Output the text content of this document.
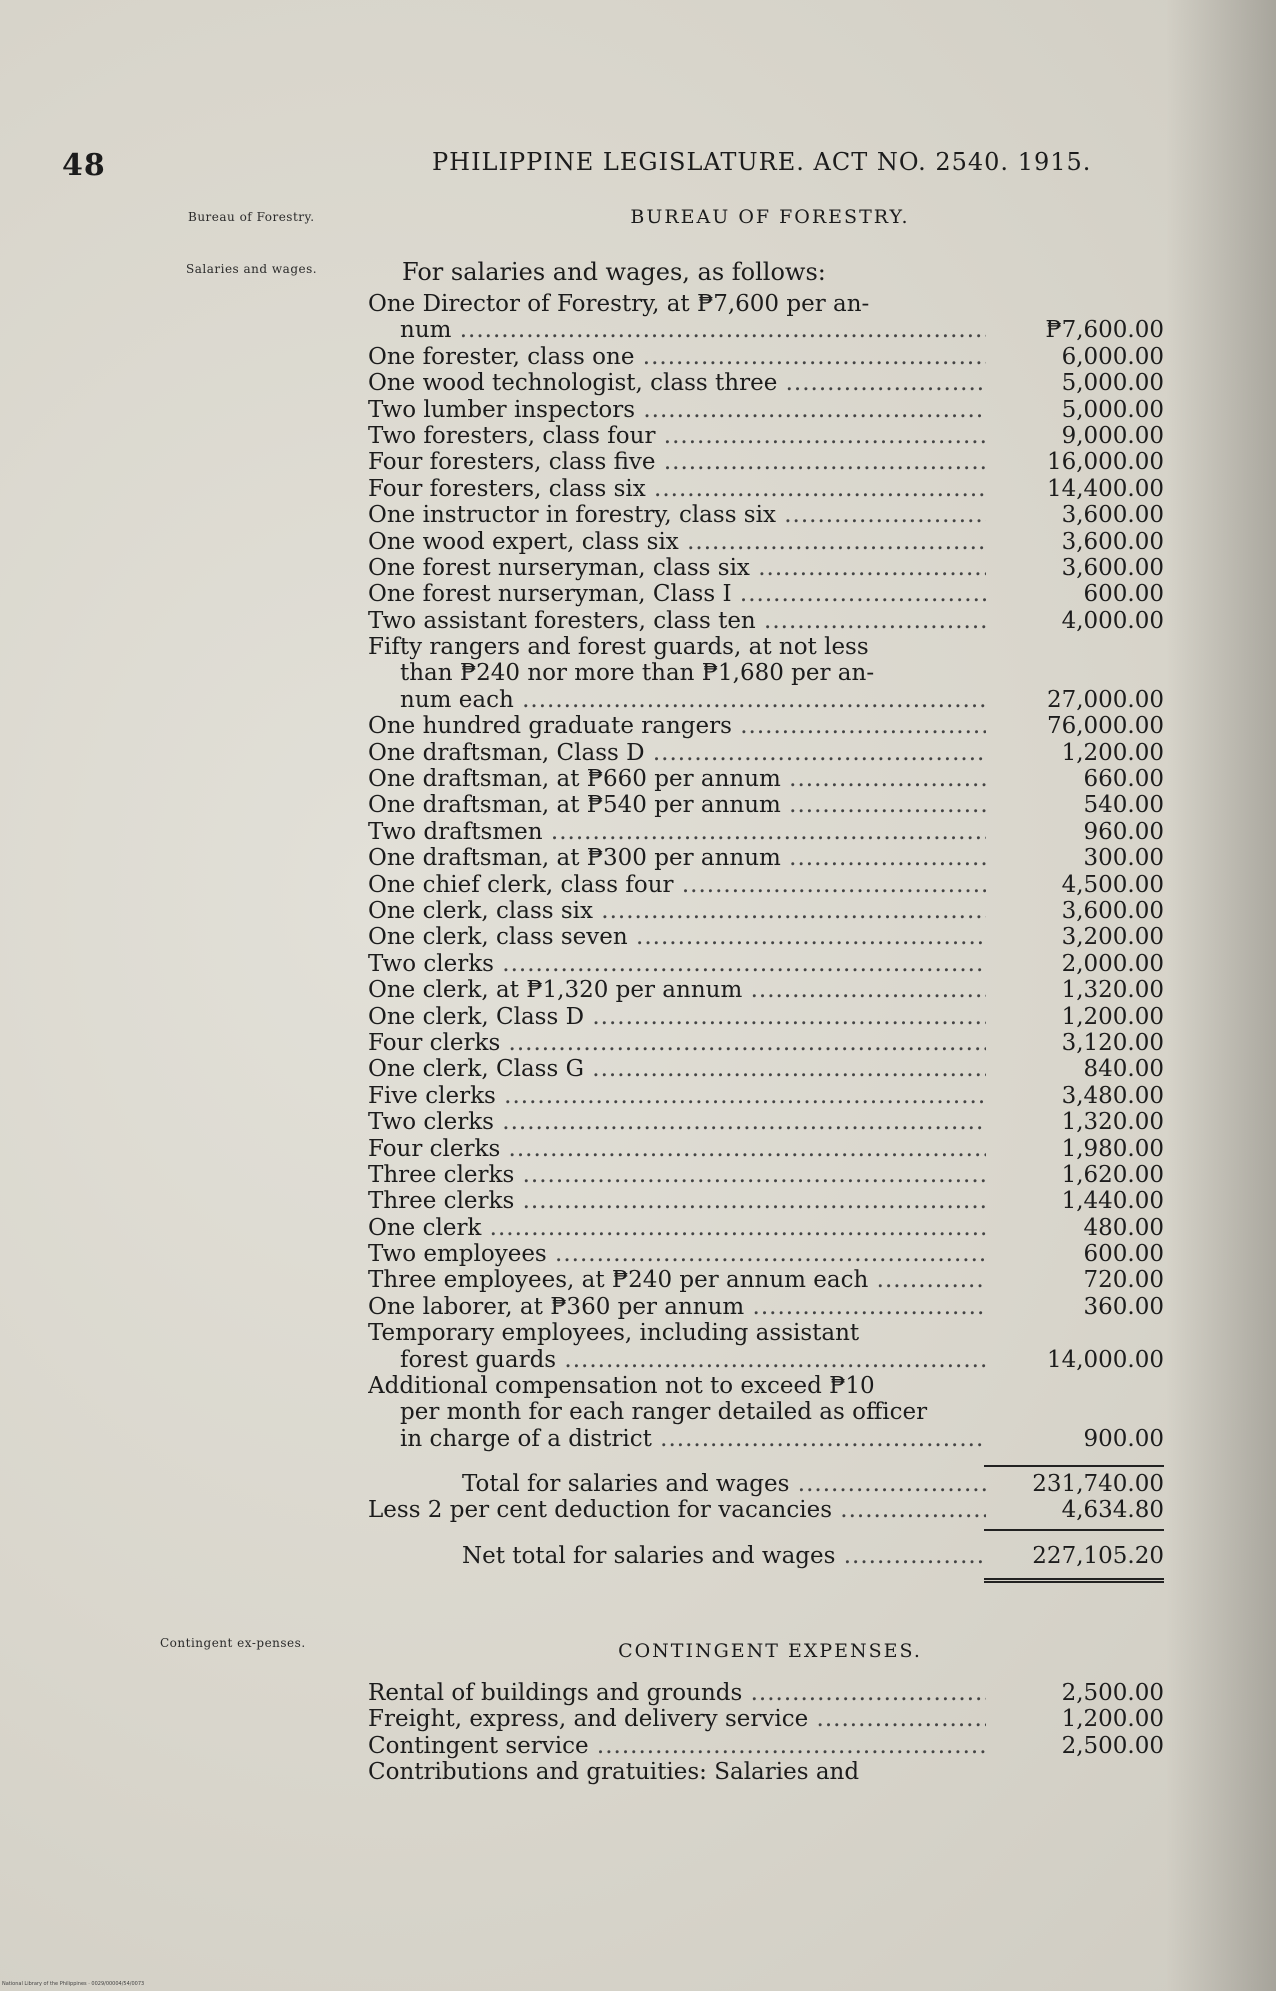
48	PHILIPPINE LEGISLATURE. ACT NO. 2540. 1915.
Bureau of Forestry.
Salaries and wages.
Contingent ex-penses.
BUREAU OF FORESTRY.
For salaries and wages, as follows:
One Director of Forestry, at ₱7,600 per an-
num .....	₱7,600.00
One forester, class one .....	6,000.00
One wood technologist, class three .....	5,000.00
Two lumber inspectors .....	5,000.00
Two foresters, class four .....	9,000.00
Four foresters, class five .....	16,000.00
Four foresters, class six .....	14,400.00
One instructor in forestry, class six .....	3,600.00
One wood expert, class six .....	3,600.00
One forest nurseryman, class six .....	3,600.00
One forest nurseryman, Class I .....	600.00
Two assistant foresters, class ten .....	4,000.00
Fifty rangers and forest guards, at not less
than ₱240 nor more than ₱1,680 per an-
num each .....	27,000.00
One hundred graduate rangers .....	76,000.00
One draftsman, Class D .....	1,200.00
One draftsman, at ₱660 per annum .....	660.00
One draftsman, at ₱540 per annum .....	540.00
Two draftsmen .....	960.00
One draftsman, at ₱300 per annum .....	300.00
One chief clerk, class four .....	4,500.00
One clerk, class six .....	3,600.00
One clerk, class seven .....	3,200.00
Two clerks .....	2,000.00
One clerk, at ₱1,320 per annum .....	1,320.00
One clerk, Class D .....	1,200.00
Four clerks .....	3,120.00
One clerk, Class G .....	840.00
Five clerks .....	3,480.00
Two clerks .....	1,320.00
Four clerks .....	1,980.00
Three clerks .....	1,620.00
Three clerks .....	1,440.00
One clerk .....	480.00
Two employees .....	600.00
Three employees, at ₱240 per annum each .....	720.00
One laborer, at ₱360 per annum .....	360.00
Temporary employees, including assistant
forest guards .....	14,000.00
Additional compensation not to exceed ₱10
per month for each ranger detailed as officer
in charge of a district .....	900.00
Total for salaries and wages .....	231,740.00
Less 2 per cent deduction for vacancies .....	4,634.80
Net total for salaries and wages .....	227,105.20
CONTINGENT EXPENSES.
Rental of buildings and grounds .....	2,500.00
Freight, express, and delivery service .....	1,200.00
Contingent service .....	2,500.00
Contributions and gratuities: Salaries and
National Library of the Philippines · 0029/00004/54/0073
